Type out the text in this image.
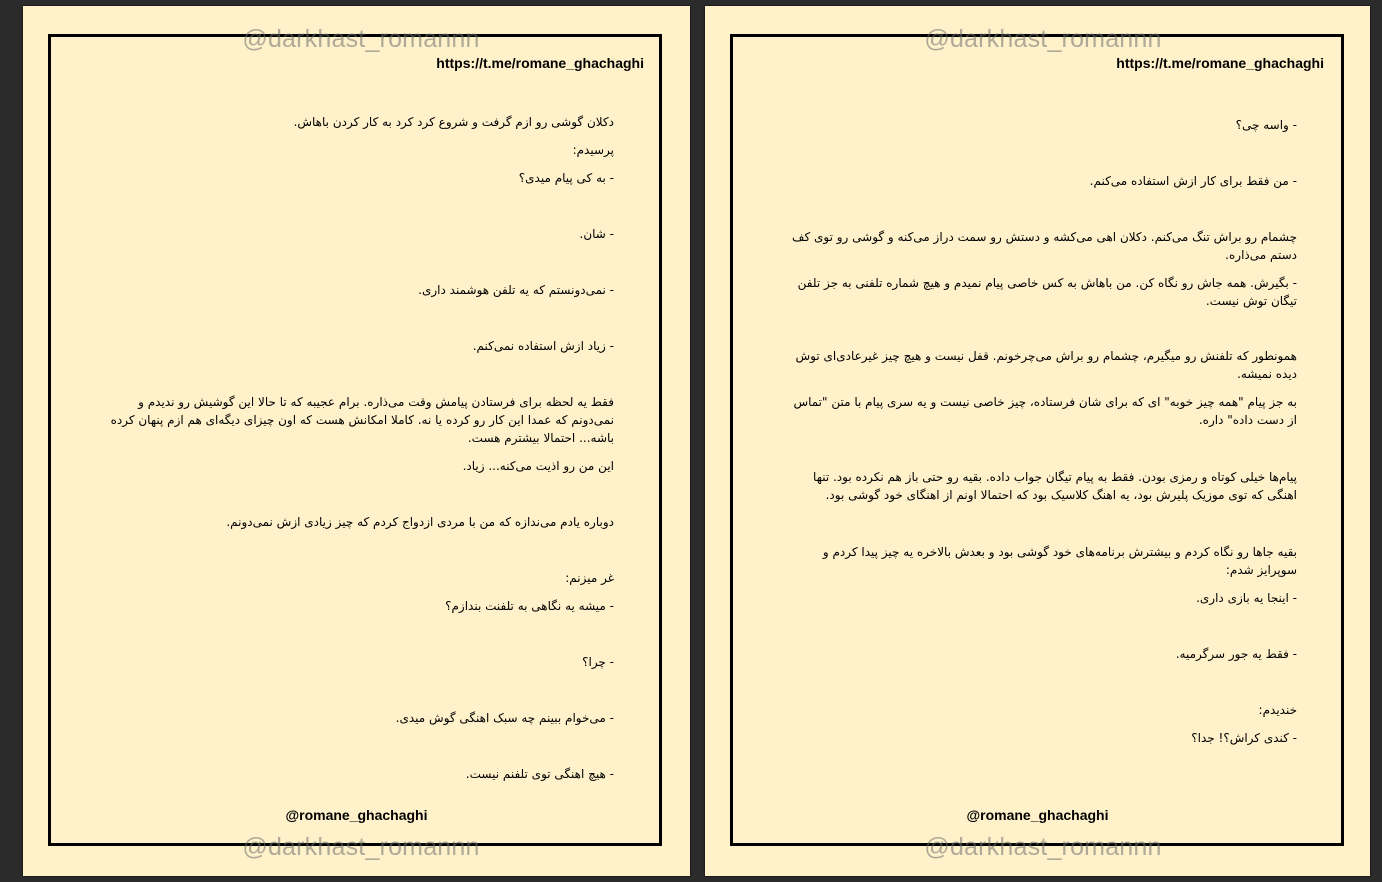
@darkhast_romannn
https://t.me/romane_ghachaghi
دکلان گوشی رو ازم گرفت و شروع کرد کرد به کار کردن باهاش.
پرسیدم:
- به کی پیام میدی؟
- شان.
- نمی‌دونستم که یه تلفن هوشمند داری.
- زیاد ازش استفاده نمی‌کنم.
فقط یه لحظه برای فرستادن پیامش وقت می‌ذاره. برام عجیبه که تا حالا این گوشیش رو ندیدم و نمی‌دونم که عمدا این کار رو کرده یا نه. کاملا امکانش هست که اون چیزای دیگه‌ای هم ازم پنهان کرده باشه... احتمالا بیشترم هست.
این من رو اذیت می‌کنه... زیاد.
دوباره یادم می‌ندازه که من با مردی ازدواج کردم که چیز زیادی ازش نمی‌دونم.
غر میزنم:
- میشه یه نگاهی به تلفنت بندازم؟
- چرا؟
- می‌خوام ببینم چه سبک اهنگی گوش میدی.
- هیچ اهنگی توی تلفنم نیست.
@romane_ghachaghi
@darkhast_romannn
@darkhast_romannn
https://t.me/romane_ghachaghi
- واسه چی؟
- من فقط برای کار ازش استفاده می‌کنم.
چشمام رو براش تنگ می‌کنم. دکلان اهی می‌کشه و دستش رو سمت دراز می‌کنه و گوشی رو توی کف دستم می‌ذاره.
- بگیرش. همه جاش رو نگاه کن. من باهاش به کس خاصی پیام نمیدم و هیچ شماره تلفنی به جز تلفن تیگان توش نیست.
همونطور که تلفنش رو میگیرم، چشمام رو براش می‌چرخونم. قفل نیست و هیچ چیز غیرعادی‌ای توش دیده نمیشه.
به جز پیام "همه چیز خوبه" ای که برای شان فرستاده، چیز خاصی نیست و یه سری پیام با متن "تماس از دست داده" داره.
پیام‌ها خیلی کوتاه و رمزی بودن. فقط به پیام تیگان جواب داده. بقیه رو حتی باز هم نکرده بود. تنها اهنگی که توی موزیک پلیرش بود، یه اهنگ کلاسیک بود که احتمالا اونم از اهنگای خود گوشی بود.
بقیه جاها رو نگاه کردم و بیشترش برنامه‌های خود گوشی بود و بعدش بالاخره یه چیز پیدا کردم و سوپرایز شدم:
- اینجا یه بازی داری.
- فقط یه جور سرگرمیه.
خندیدم:
- کندی کراش؟! جدا؟
@romane_ghachaghi
@darkhast_romannn
